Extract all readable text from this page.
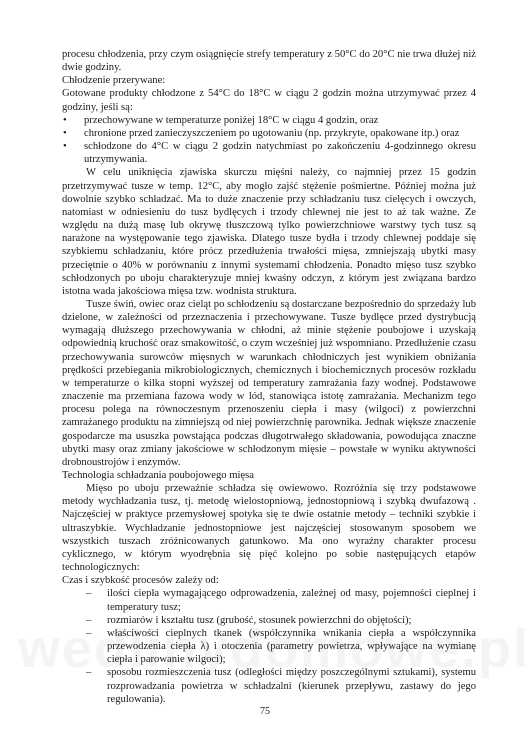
procesu chłodzenia, przy czym osiągnięcie strefy temperatury z 50°C do 20°C nie trwa dłużej niż dwie godziny.

Chłodzenie przerywane:

Gotowane produkty chłodzone z 54°C do 18°C w ciągu 2 godzin można utrzymywać przez 4 godziny, jeśli są:

• przechowywane w temperaturze poniżej 18°C w ciągu 4 godzin, oraz
• chronione przed zanieczyszczeniem po ugotowaniu (np. przykryte, opakowane itp.) oraz
• schłodzone do 4°C w ciągu 2 godzin natychmiast po zakończeniu 4-godzinnego okresu utrzymywania.

W celu uniknięcia zjawiska skurczu mięśni należy, co najmniej przez 15 godzin przetrzymywać tusze w temp. 12°C, aby mogło zajść stężenie pośmiertne. Później można już dowolnie szybko schładzać. Ma to duże znaczenie przy schładzaniu tusz cielęcych i owczych, natomiast w odniesieniu do tusz bydlęcych i trzody chlewnej nie jest to aż tak ważne. Ze względu na dużą masę lub okrywę tłuszczową tylko powierzchniowe warstwy tych tusz są narażone na występowanie tego zjawiska. Dlatego tusze bydła i trzody chlewnej poddaje się szybkiemu schładzaniu, które prócz przedłużenia trwałości mięsa, zmniejszają ubytki masy przeciętnie o 40% w porównaniu z innymi systemami chłodzenia. Ponadto mięso tusz szybko schłodzonych po uboju charakteryzuje mniej kwaśny odczyn, z którym jest związana bardzo istotna wada jakościowa mięsa tzw. wodnista struktura.

Tusze świń, owiec oraz cieląt po schłodzeniu są dostarczane bezpośrednio do sprzedaży lub dzielone, w zależności od przeznaczenia i przechowywane. Tusze bydlęce przed dystrybucją wymagają dłuższego przechowywania w chłodni, aż minie stężenie poubojowe i uzyskają odpowiednią kruchość oraz smakowitość, o czym wcześniej już wspomniano. Przedłużenie czasu przechowywania surowców mięsnych w warunkach chłodniczych jest wynikiem obniżania prędkości przebiegania mikrobiologicznych, chemicznych i biochemicznych procesów rozkładu w temperaturze o kilka stopni wyższej od temperatury zamrażania fazy wodnej. Podstawowe znaczenie ma przemiana fazowa wody w lód, stanowiąca istotę zamrażania. Mechanizm tego procesu polega na równoczesnym przenoszeniu ciepła i masy (wilgoci) z powierzchni zamrażanego produktu na zimniejszą od niej powierzchnię parownika. Jednak większe znaczenie gospodarcze ma ususzka powstająca podczas długotrwałego składowania, powodująca znaczne ubytki masy oraz zmiany jakościowe w schłodzonym mięsie – powstałe w wyniku aktywności drobnoustrojów i enzymów.

Technologia schładzania poubojowego mięsa

Mięso po uboju przeważnie schładza się owiewowo. Rozróżnia się trzy podstawowe metody wychładzania tusz, tj. metodę wielostopniową, jednostopniową i szybką dwufazową . Najczęściej w praktyce przemysłowej spotyka się te dwie ostatnie metody – techniki szybkie i ultraszybkie. Wychładzanie jednostopniowe jest najczęściej stosowanym sposobem we wszystkich tuszach zróżnicowanych gatunkowo. Ma ono wyraźny charakter procesu cyklicznego, w którym wyodrębnia się pięć kolejno po sobie następujących etapów technologicznych:

Czas i szybkość procesów zależy od:

– ilości ciepła wymagającego odprowadzenia, zależnej od masy, pojemności cieplnej i temperatury tusz;
– rozmiarów i kształtu tusz (grubość, stosunek powierzchni do objętości);
– właściwości cieplnych tkanek (współczynnika wnikania ciepła a współczynnika przewodzenia ciepła λ) i otoczenia (parametry powietrza, wpływające na wymianę ciepła i parowanie wilgoci);
– sposobu rozmieszczenia tusz (odległości między poszczególnymi sztukami), systemu rozprowadzania powietrza w schładzalni (kierunek przepływu, zastawy do jego regulowania).
75
